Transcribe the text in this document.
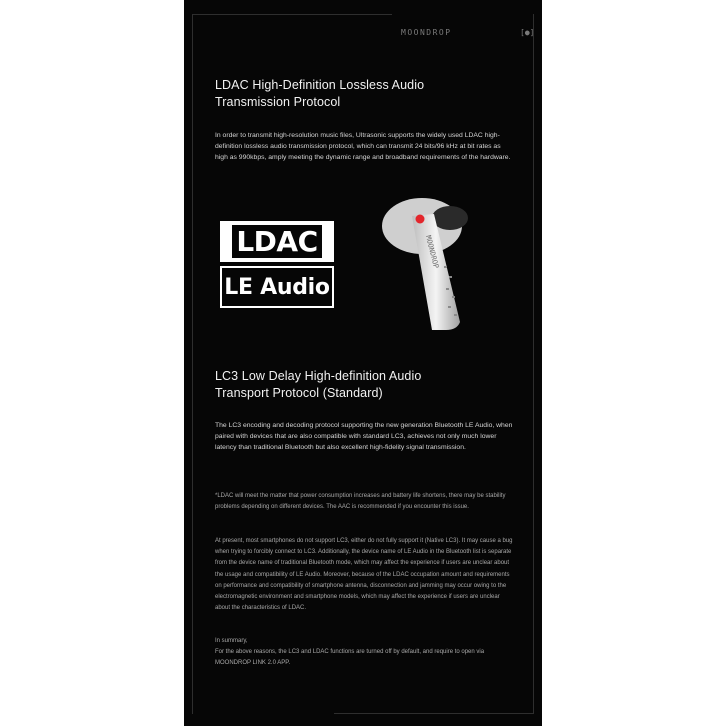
MOONDROP	[●]
LDAC High-Definition Lossless Audio
Transmission Protocol
In order to transmit high-resolution music files, Ultrasonic supports the widely used LDAC high-definition lossless audio transmission protocol, which can transmit 24 bits/96 kHz at bit rates as high as 990kbps, amply meeting the dynamic range and broadband requirements of the hardware.
LDAC
LE Audio
MOONDROP
LC3 Low Delay High-definition Audio
Transport Protocol (Standard)
The LC3 encoding and decoding protocol supporting the new generation Bluetooth LE Audio, when paired with devices that are also compatible with standard LC3, achieves not only much lower latency than traditional Bluetooth but also excellent high-fidelity signal transmission.
*LDAC will meet the matter that power consumption increases and battery life shortens, there may be stability problems depending on different devices. The AAC is recommended if you encounter this issue.
At present, most smartphones do not support LC3, either do not fully support it (Native LC3). It may cause a bug when trying to forcibly connect to LC3. Additionally, the device name of LE Audio in the Bluetooth list is separate from the device name of traditional Bluetooth mode, which may affect the experience if users are unclear about the usage and compatibility of LE Audio. Moreover, because of the LDAC occupation amount and requirements on performance and compatibility of smartphone antenna, disconnection and jamming may occur owing to the electromagnetic environment and smartphone models, which may affect the experience if users are unclear about the characteristics of LDAC.
In summary,
For the above reasons, the LC3 and LDAC functions are turned off by default, and require to open via MOONDROP LINK 2.0 APP.
